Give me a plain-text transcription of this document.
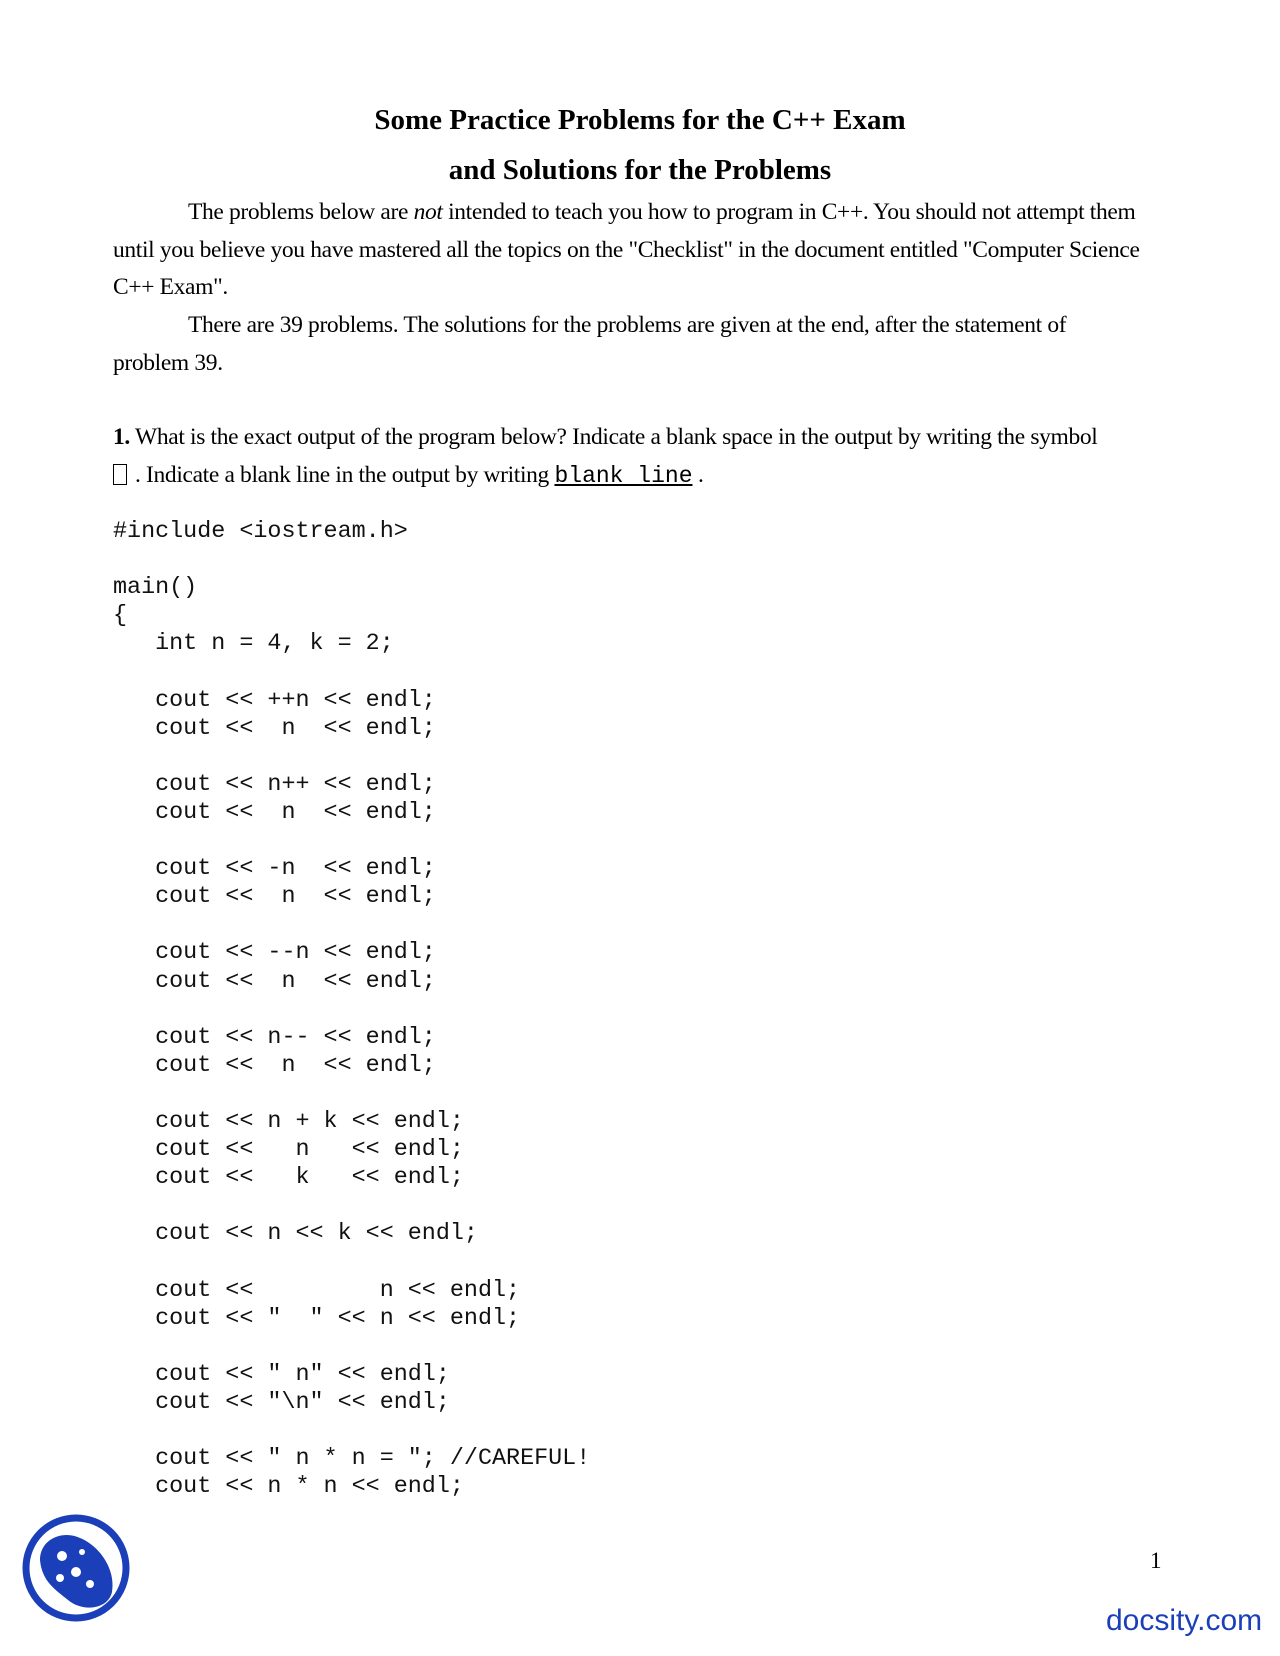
Some Practice Problems for the C++ Exam
and Solutions for the Problems

The problems below are not intended to teach you how to program in C++. You should not attempt them until you believe you have mastered all the topics on the "Checklist" in the document entitled "Computer Science C++ Exam".

There are 39 problems. The solutions for the problems are given at the end, after the statement of problem 39.

1. What is the exact output of the program below? Indicate a blank space in the output by writing the symbol
. Indicate a blank line in the output by writing blank line .

#include <iostream.h>
main()
{
int n = 4, k = 2;
cout << ++n << endl;
cout <<  n  << endl;
cout << n++ << endl;
cout <<  n  << endl;
cout << -n  << endl;
cout <<  n  << endl;
cout << --n << endl;
cout <<  n  << endl;
cout << n-- << endl;
cout <<  n  << endl;
cout << n + k << endl;
cout <<   n   << endl;
cout <<   k   << endl;
cout << n << k << endl;
cout <<         n << endl;
cout << "  " << n << endl;
cout << " n" << endl;
cout << "\n" << endl;
cout << " n * n = "; //CAREFUL!
cout << n * n << endl;
1
docsity.com
